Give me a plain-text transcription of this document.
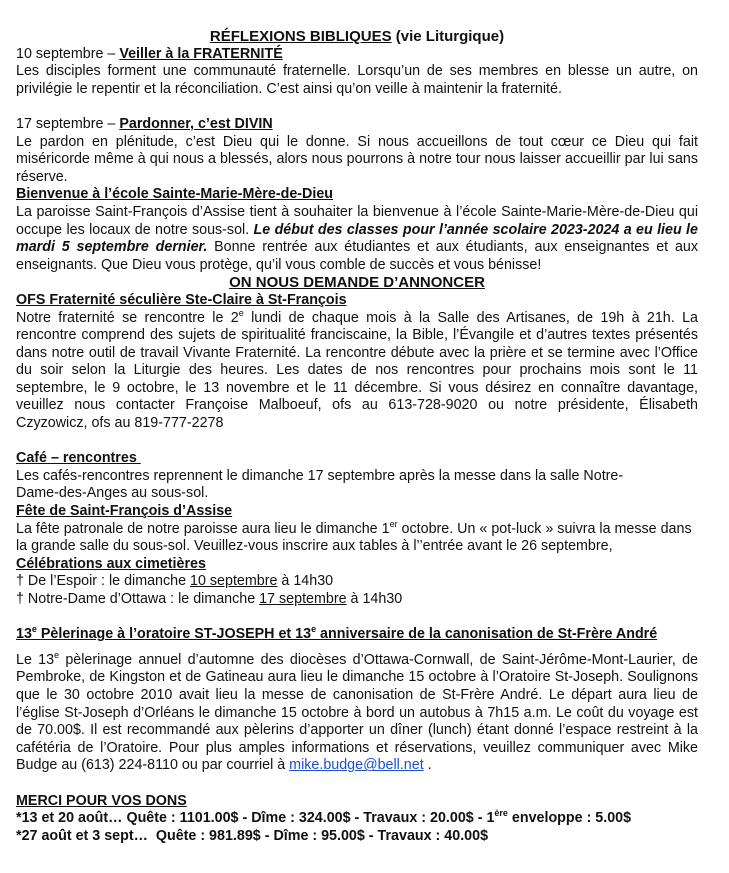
RÉFLEXIONS BIBLIQUES (vie Liturgique)

10 septembre – Veiller à la FRATERNITÉ

Les disciples forment une communauté fraternelle. Lorsqu’un de ses membres en blesse un autre, on privilégie le repentir et la réconciliation. C’est ainsi qu’on veille à maintenir la fraternité.

17 septembre – Pardonner, c’est DIVIN

Le pardon en plénitude, c’est Dieu qui le donne. Si nous accueillons de tout cœur ce Dieu qui fait miséricorde même à qui nous a blessés, alors nous pourrons à notre tour nous laisser accueillir par lui sans réserve.

Bienvenue à l’école Sainte-Marie-Mère-de-Dieu

La paroisse Saint-François d’Assise tient à souhaiter la bienvenue à l’école Sainte-Marie-Mère-de-Dieu qui occupe les locaux de notre sous-sol. Le début des classes pour l’année scolaire 2023-2024 a eu lieu le mardi 5 septembre dernier. Bonne rentrée aux étudiantes et aux étudiants, aux enseignantes et aux enseignants. Que Dieu vous protège, qu’il vous comble de succès et vous bénisse!

ON NOUS DEMANDE D’ANNONCER

OFS Fraternité séculière Ste-Claire à St-François

Notre fraternité se rencontre le 2e lundi de chaque mois à la Salle des Artisanes, de 19h à 21h. La rencontre comprend des sujets de spiritualité franciscaine, la Bible, l’Évangile et d’autres textes présentés dans notre outil de travail Vivante Fraternité. La rencontre débute avec la prière et se termine avec l’Office du soir selon la Liturgie des heures. Les dates de nos rencontres pour prochains mois sont le 11 septembre, le 9 octobre, le 13 novembre et le 11 décembre. Si vous désirez en connaître davantage, veuillez nous contacter Françoise Malboeuf, ofs au 613-728-9020 ou notre présidente, Élisabeth Czyzowicz, ofs au 819-777-2278

Café – rencontres

Les cafés-rencontres reprennent le dimanche 17 septembre après la messe dans la salle Notre-Dame-des-Anges au sous-sol.

Fête de Saint-François d’Assise

La fête patronale de notre paroisse aura lieu le dimanche 1er octobre. Un « pot-luck » suivra la messe dans la grande salle du sous-sol. Veuillez-vous inscrire aux tables à l’’entrée avant le 26 septembre,

Célébrations aux cimetières

† De l’Espoir : le dimanche 10 septembre à 14h30

† Notre-Dame d’Ottawa : le dimanche 17 septembre à 14h30

13e Pèlerinage à l’oratoire ST-JOSEPH et 13e anniversaire de la canonisation de St-Frère André

Le 13e pèlerinage annuel d’automne des diocèses d’Ottawa-Cornwall, de Saint-Jérôme-Mont-Laurier, de Pembroke, de Kingston et de Gatineau aura lieu le dimanche 15 octobre à l’Oratoire St-Joseph. Soulignons que le 30 octobre 2010 avait lieu la messe de canonisation de St-Frère André. Le départ aura lieu de l’église St-Joseph d’Orléans le dimanche 15 octobre à bord un autobus à 7h15 a.m. Le coût du voyage est de 70.00$. Il est recommandé aux pèlerins d’apporter un dîner (lunch) étant donné l’espace restreint à la cafétéria de l’Oratoire. Pour plus amples informations et réservations, veuillez communiquer avec Mike Budge au (613) 224-8110 ou par courriel à mike.budge@bell.net .

MERCI POUR VOS DONS

*13 et 20 août… Quête : 1101.00$ - Dîme : 324.00$ - Travaux : 20.00$ - 1ère enveloppe : 5.00$

*27 août et 3 sept…  Quête : 981.89$ - Dîme : 95.00$ - Travaux : 40.00$
